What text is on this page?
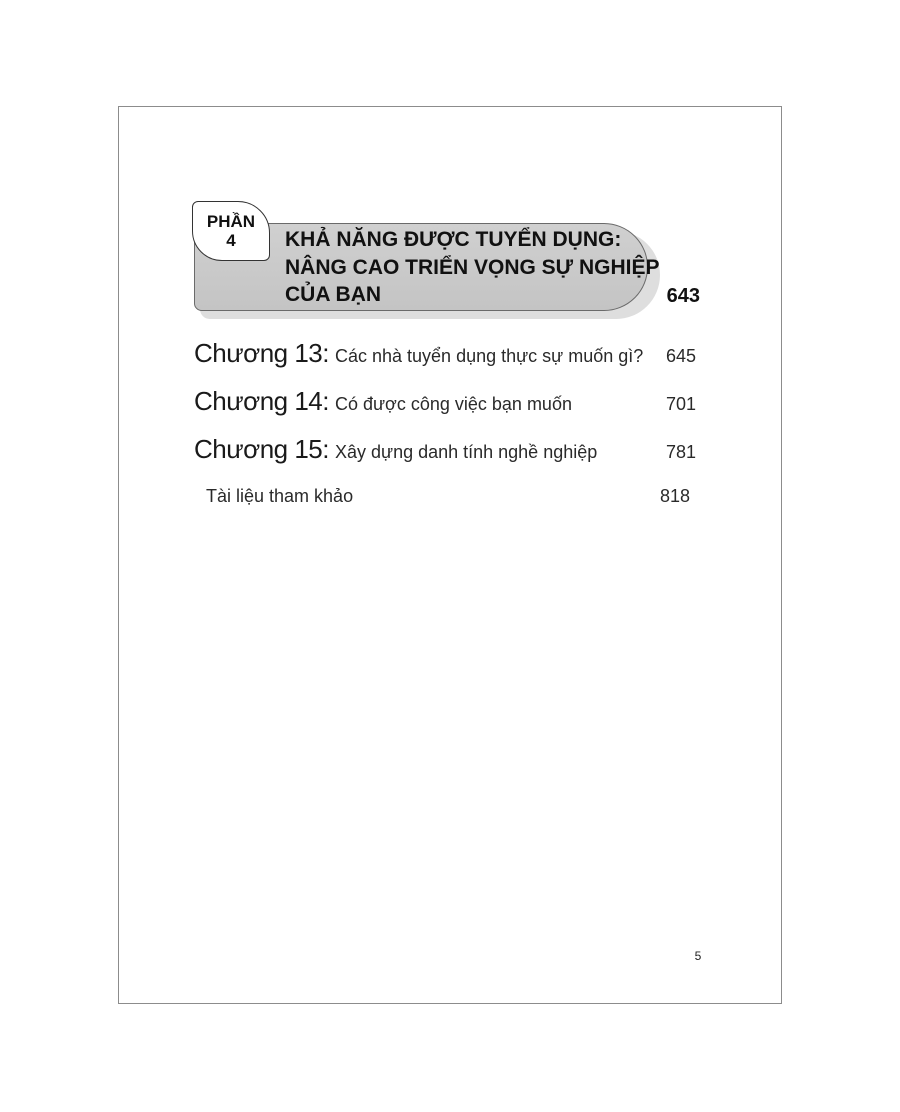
PHẦN
4	KHẢ NĂNG ĐƯỢC TUYỂN DỤNG:
NÂNG CAO TRIỂN VỌNG SỰ NGHIỆP
CỦA BẠN	643
Chương 13: Các nhà tuyển dụng thực sự muốn gì? 645
Chương 14: Có được công việc bạn muốn	701
Chương 15: Xây dựng danh tính nghề nghiệp	781
Tài liệu tham khảo	818
5
